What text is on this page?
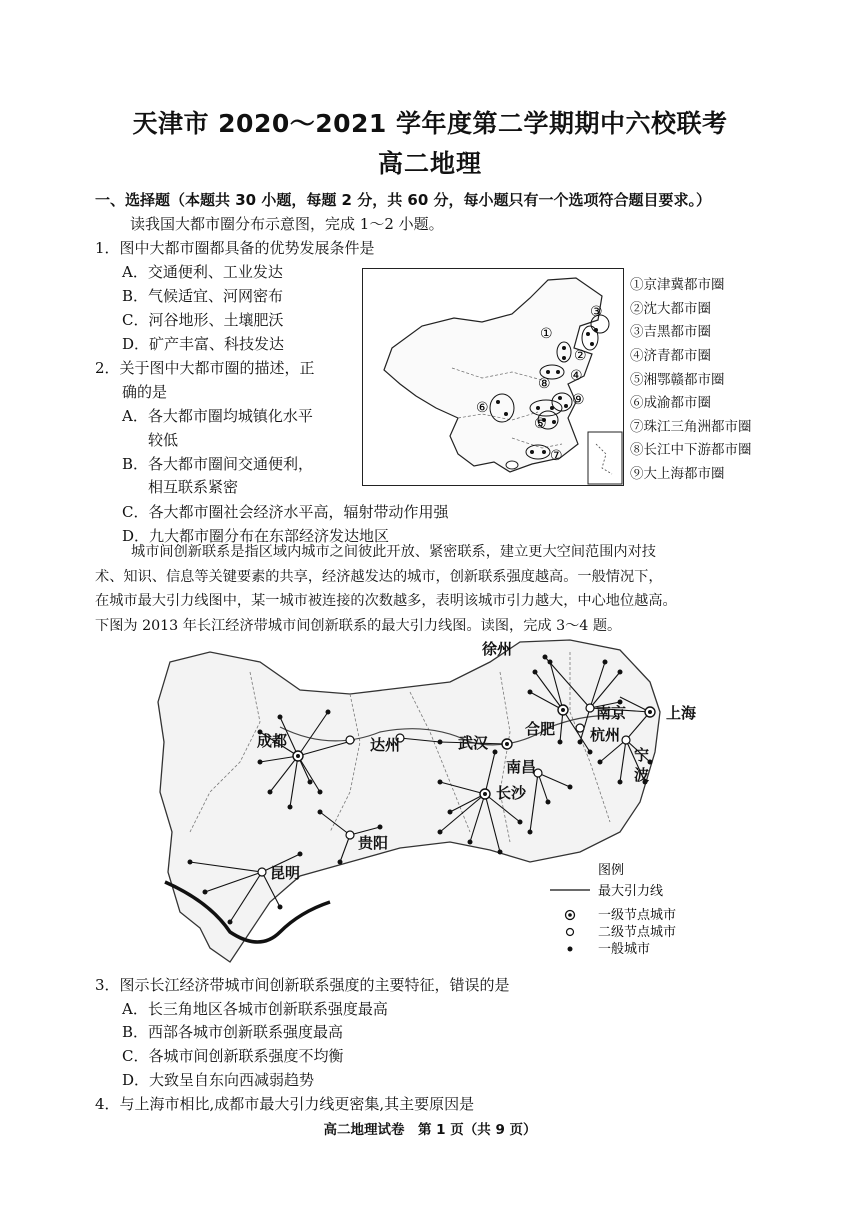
天津市 2020～2021 学年度第二学期期中六校联考
高二地理
一、选择题（本题共 30 小题，每题 2 分，共 60 分，每小题只有一个选项符合题目要求。）
读我国大都市圈分布示意图，完成 1～2 小题。
1．图中大都市圈都具备的优势发展条件是
A．交通便利、工业发达
B．气候适宜、河网密布
C．河谷地形、土壤肥沃
D．矿产丰富、科技发达
2．关于图中大都市圈的描述，正
确的是
A．各大都市圈均城镇化水平
较低
B．各大都市圈间交通便利，
相互联系紧密
C．各大都市圈社会经济水平高，辐射带动作用强
D．九大都市圈分布在东部经济发达地区
③
①
②
④
⑧
⑨
⑥
⑤
⑦
①京津冀都市圈
②沈大都市圈
③吉黑都市圈
④济青都市圈
⑤湘鄂赣都市圈
⑥成渝都市圈
⑦珠江三角洲都市圈
⑧长江中下游都市圈
⑨大上海都市圈
城市间创新联系是指区域内城市之间彼此开放、紧密联系，建立更大空间范围内对技
术、知识、信息等关键要素的共享，经济越发达的城市，创新联系强度越高。一般情况下，
在城市最大引力线图中，某一城市被连接的次数越多，表明该城市引力越大，中心地位越高。
下图为 2013 年长江经济带城市间创新联系的最大引力线图。读图，完成 3～4 题。
徐州
上海
南京
合肥 杭州
宁
波
成都	达州	武汉
南昌
长沙
贵阳
昆明	图例
最大引力线
一级节点城市
二级节点城市
一般城市
3．图示长江经济带城市间创新联系强度的主要特征，错误的是
A．长三角地区各城市创新联系强度最高
B．西部各城市创新联系强度最高
C．各城市间创新联系强度不均衡
D．大致呈自东向西减弱趋势
4．与上海市相比,成都市最大引力线更密集,其主要原因是
高二地理试卷　第 1 页（共 9 页）
